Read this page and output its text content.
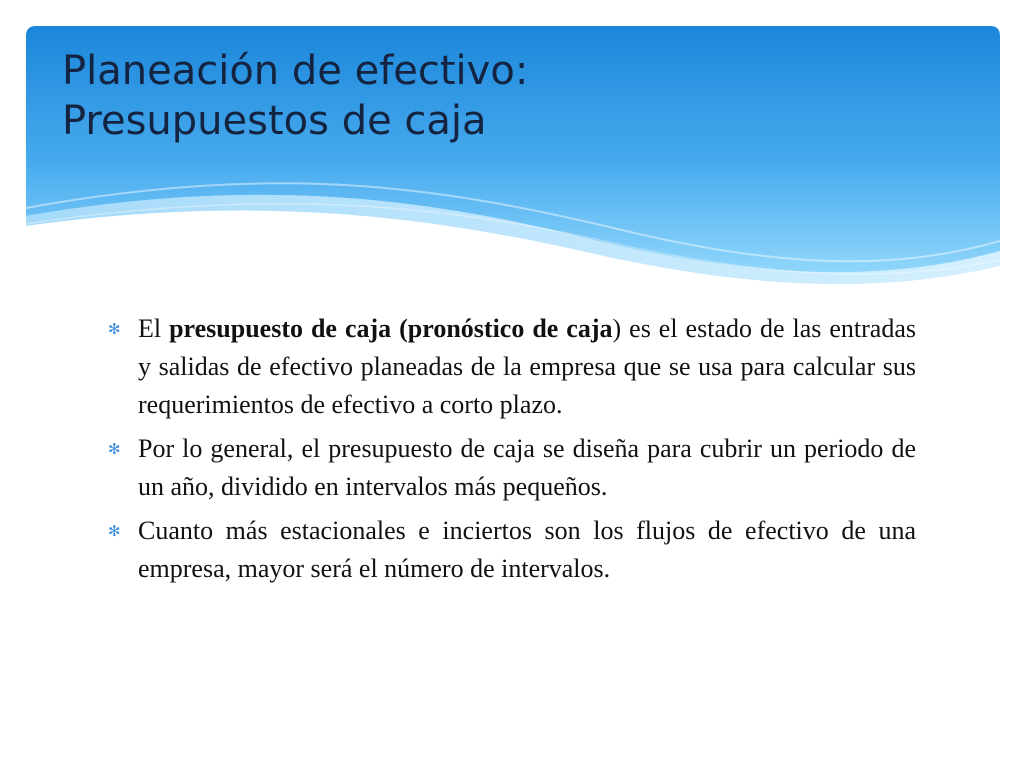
Planeación de efectivo:
Presupuestos de caja
✻ El presupuesto de caja (pronóstico de caja) es el estado de las entradas y salidas de efectivo planeadas de la empresa que se usa para calcular sus requerimientos de efectivo a corto plazo.
✻ Por lo general, el presupuesto de caja se diseña para cubrir un periodo de un año, dividido en intervalos más pequeños.
✻ Cuanto más estacionales e inciertos son los flujos de efectivo de una empresa, mayor será el número de intervalos.
